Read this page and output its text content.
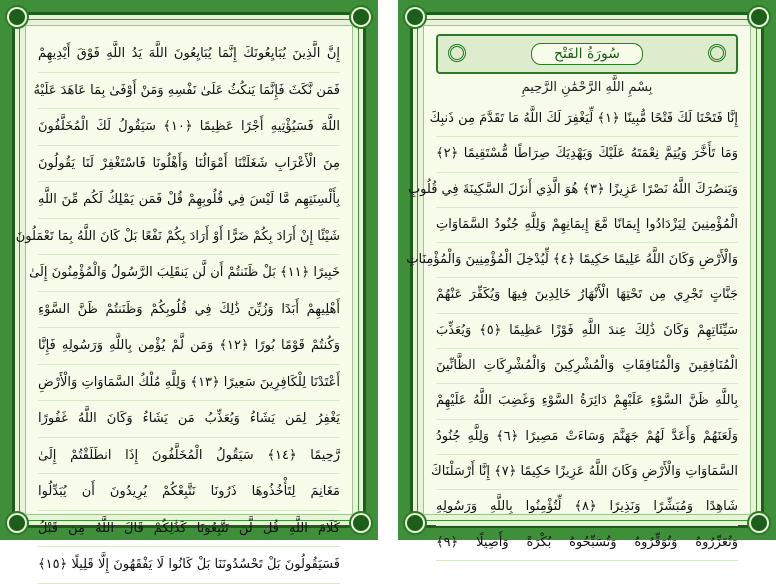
إِنَّ الَّذِينَ يُبَايِعُونَكَ إِنَّمَا يُبَايِعُونَ اللَّهَ يَدُ اللَّهِ فَوْقَ أَيْدِيهِمْ
فَمَن نَّكَثَ فَإِنَّمَا يَنكُثُ عَلَىٰ نَفْسِهِ وَمَنْ أَوْفَىٰ بِمَا عَاهَدَ عَلَيْهُ
اللَّهَ فَسَيُؤْتِيهِ أَجْرًا عَظِيمًا ﴿١٠﴾ سَيَقُولُ لَكَ الْمُخَلَّفُونَ
مِنَ الْأَعْرَابِ شَغَلَتْنَا أَمْوَالُنَا وَأَهْلُونَا فَاسْتَغْفِرْ لَنَا يَقُولُونَ
بِأَلْسِنَتِهِم مَّا لَيْسَ فِي قُلُوبِهِمْ قُلْ فَمَن يَمْلِكُ لَكُم مِّنَ اللَّهِ
شَيْئًا إِنْ أَرَادَ بِكُمْ ضَرًّا أَوْ أَرَادَ بِكُمْ نَفْعًا بَلْ كَانَ اللَّهُ بِمَا تَعْمَلُونَ
خَبِيرًا ﴿١١﴾ بَلْ ظَنَنتُمْ أَن لَّن يَنقَلِبَ الرَّسُولُ وَالْمُؤْمِنُونَ إِلَىٰ
أَهْلِيهِمْ أَبَدًا وَزُيِّنَ ذَٰلِكَ فِي قُلُوبِكُمْ وَظَنَنتُمْ ظَنَّ السَّوْءِ
وَكُنتُمْ قَوْمًا بُورًا ﴿١٢﴾ وَمَن لَّمْ يُؤْمِن بِاللَّهِ وَرَسُولِهِ فَإِنَّا
أَعْتَدْنَا لِلْكَافِرِينَ سَعِيرًا ﴿١٣﴾ وَلِلَّهِ مُلْكُ السَّمَاوَاتِ وَالْأَرْضِ
يَغْفِرُ لِمَن يَشَاءُ وَيُعَذِّبُ مَن يَشَاءُ وَكَانَ اللَّهُ غَفُورًا
رَّحِيمًا ﴿١٤﴾ سَيَقُولُ الْمُخَلَّفُونَ إِذَا انطَلَقْتُمْ إِلَىٰ
مَغَانِمَ لِتَأْخُذُوهَا ذَرُونَا نَتَّبِعْكُمْ يُرِيدُونَ أَن يُبَدِّلُوا
كَلَامَ اللَّهِ قُل لَّن تَتَّبِعُونَا كَذَٰلِكُمْ قَالَ اللَّهُ مِن قَبْلُ
فَسَيَقُولُونَ بَلْ تَحْسُدُونَنَا بَلْ كَانُوا لَا يَفْقَهُونَ إِلَّا قَلِيلًا ﴿١٥﴾
سُورَةُ الفَتْح
بِسْمِ اللَّهِ الرَّحْمَٰنِ الرَّحِيمِ
إِنَّا فَتَحْنَا لَكَ فَتْحًا مُّبِينًا ﴿١﴾ لِّيَغْفِرَ لَكَ اللَّهُ مَا تَقَدَّمَ مِن ذَنبِكَ
وَمَا تَأَخَّرَ وَيُتِمَّ نِعْمَتَهُ عَلَيْكَ وَيَهْدِيَكَ صِرَاطًا مُّسْتَقِيمًا ﴿٢﴾
وَيَنصُرَكَ اللَّهُ نَصْرًا عَزِيزًا ﴿٣﴾ هُوَ الَّذِي أَنزَلَ السَّكِينَةَ فِي قُلُوبِ
الْمُؤْمِنِينَ لِيَزْدَادُوا إِيمَانًا مَّعَ إِيمَانِهِمْ وَلِلَّهِ جُنُودُ السَّمَاوَاتِ
وَالْأَرْضِ وَكَانَ اللَّهُ عَلِيمًا حَكِيمًا ﴿٤﴾ لِّيُدْخِلَ الْمُؤْمِنِينَ وَالْمُؤْمِنَاتِ
جَنَّاتٍ تَجْرِي مِن تَحْتِهَا الْأَنْهَارُ خَالِدِينَ فِيهَا وَيُكَفِّرَ عَنْهُمْ
سَيِّئَاتِهِمْ وَكَانَ ذَٰلِكَ عِندَ اللَّهِ فَوْزًا عَظِيمًا ﴿٥﴾ وَيُعَذِّبَ
الْمُنَافِقِينَ وَالْمُنَافِقَاتِ وَالْمُشْرِكِينَ وَالْمُشْرِكَاتِ الظَّانِّينَ
بِاللَّهِ ظَنَّ السَّوْءِ عَلَيْهِمْ دَائِرَةُ السَّوْءِ وَغَضِبَ اللَّهُ عَلَيْهِمْ
وَلَعَنَهُمْ وَأَعَدَّ لَهُمْ جَهَنَّمَ وَسَاءَتْ مَصِيرًا ﴿٦﴾ وَلِلَّهِ جُنُودُ
السَّمَاوَاتِ وَالْأَرْضِ وَكَانَ اللَّهُ عَزِيزًا حَكِيمًا ﴿٧﴾ إِنَّا أَرْسَلْنَاكَ
شَاهِدًا وَمُبَشِّرًا وَنَذِيرًا ﴿٨﴾ لِّتُؤْمِنُوا بِاللَّهِ وَرَسُولِهِ
وَتُعَزِّرُوهُ وَتُوَقِّرُوهُ وَتُسَبِّحُوهُ بُكْرَةً وَأَصِيلًا ﴿٩﴾
